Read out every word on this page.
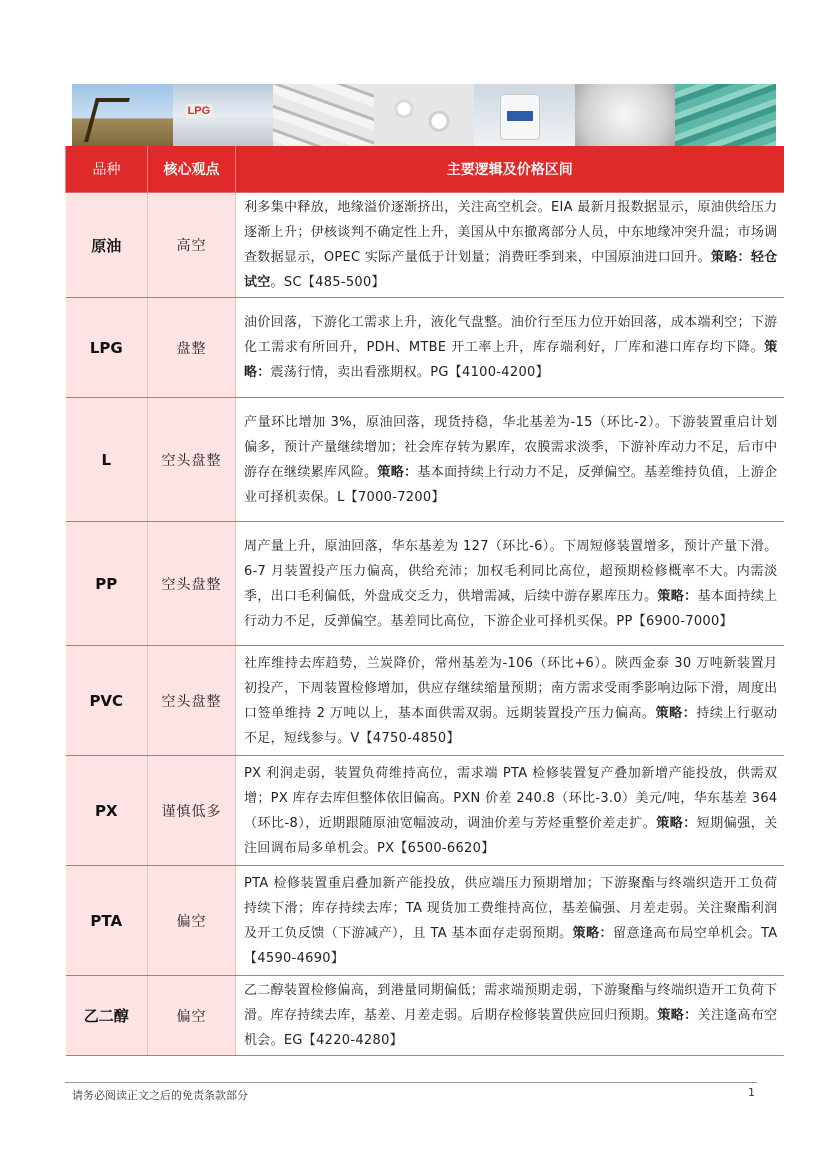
LPG
品种	核心观点	主要逻辑及价格区间
原油	高空	利多集中释放，地缘溢价逐渐挤出，关注高空机会。EIA 最新月报数据显示，原油供给压力逐渐上升；伊核谈判不确定性上升，美国从中东撤离部分人员，中东地缘冲突升温；市场调查数据显示，OPEC 实际产量低于计划量；消费旺季到来，中国原油进口回升。策略：轻仓试空。SC【485-500】
LPG	盘整	油价回落，下游化工需求上升，液化气盘整。油价行至压力位开始回落，成本端利空；下游化工需求有所回升，PDH、MTBE 开工率上升，库存端利好，厂库和港口库存均下降。策略：震荡行情，卖出看涨期权。PG【4100-4200】
L	空头盘整	产量环比增加 3%，原油回落，现货持稳，华北基差为-15（环比-2）。下游装置重启计划偏多，预计产量继续增加；社会库存转为累库，农膜需求淡季，下游补库动力不足，后市中游存在继续累库风险。策略：基本面持续上行动力不足，反弹偏空。基差维持负值，上游企业可择机卖保。L【7000-7200】
PP	空头盘整	周产量上升，原油回落，华东基差为 127（环比-6）。下周短修装置增多，预计产量下滑。6-7 月装置投产压力偏高，供给充沛；加权毛利同比高位，超预期检修概率不大。内需淡季，出口毛利偏低，外盘成交乏力，供增需减，后续中游存累库压力。策略：基本面持续上行动力不足，反弹偏空。基差同比高位，下游企业可择机买保。PP【6900-7000】
PVC	空头盘整	社库维持去库趋势，兰炭降价，常州基差为-106（环比+6）。陕西金泰 30 万吨新装置月初投产，下周装置检修增加，供应存继续缩量预期；南方需求受雨季影响边际下滑，周度出口签单维持 2 万吨以上，基本面供需双弱。远期装置投产压力偏高。策略：持续上行驱动不足，短线参与。V【4750-4850】
PX	谨慎低多	PX 利润走弱，装置负荷维持高位，需求端 PTA 检修装置复产叠加新增产能投放，供需双增；PX 库存去库但整体依旧偏高。PXN 价差 240.8（环比-3.0）美元/吨，华东基差 364（环比-8），近期跟随原油宽幅波动，调油价差与芳烃重整价差走扩。策略：短期偏强，关注回调布局多单机会。PX【6500-6620】
PTA	偏空	PTA 检修装置重启叠加新产能投放，供应端压力预期增加；下游聚酯与终端织造开工负荷持续下滑；库存持续去库；TA 现货加工费维持高位，基差偏强、月差走弱。关注聚酯利润及开工负反馈（下游减产），且 TA 基本面存走弱预期。策略：留意逢高布局空单机会。TA【4590-4690】
乙二醇	偏空	乙二醇装置检修偏高，到港量同期偏低；需求端预期走弱，下游聚酯与终端织造开工负荷下滑。库存持续去库，基差、月差走弱。后期存检修装置供应回归预期。策略：关注逢高布空机会。EG【4220-4280】
请务必阅读正文之后的免责条款部分	1
